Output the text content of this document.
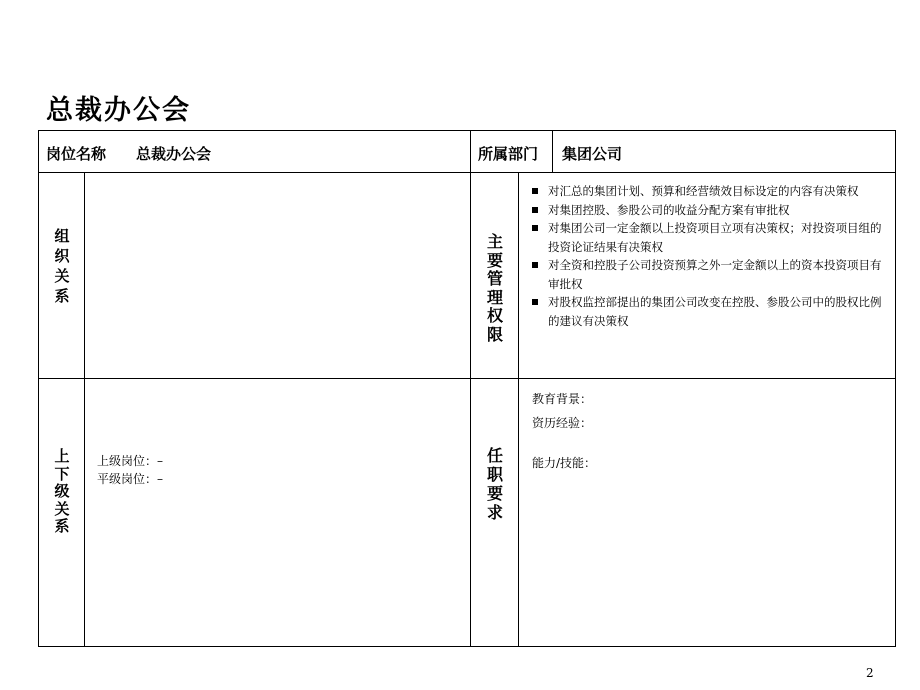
总裁办公会
岗位名称 总裁办公会	所属部门 集团公司
组
织
关
系
主
要
管
理
权
限
对汇总的集团计划、预算和经营绩效目标设定的内容有决策权
对集团控股、参股公司的收益分配方案有审批权
对集团公司一定金额以上投资项目立项有决策权；对投资项目组的投资论证结果有决策权
对全资和控股子公司投资预算之外一定金额以上的资本投资项目有审批权
对股权监控部提出的集团公司改变在控股、参股公司中的股权比例的建议有决策权
上
下
级
关
系
上级岗位：–
平级岗位：–
任
职
要
求
教育背景：
资历经验：
能力/技能：
2
